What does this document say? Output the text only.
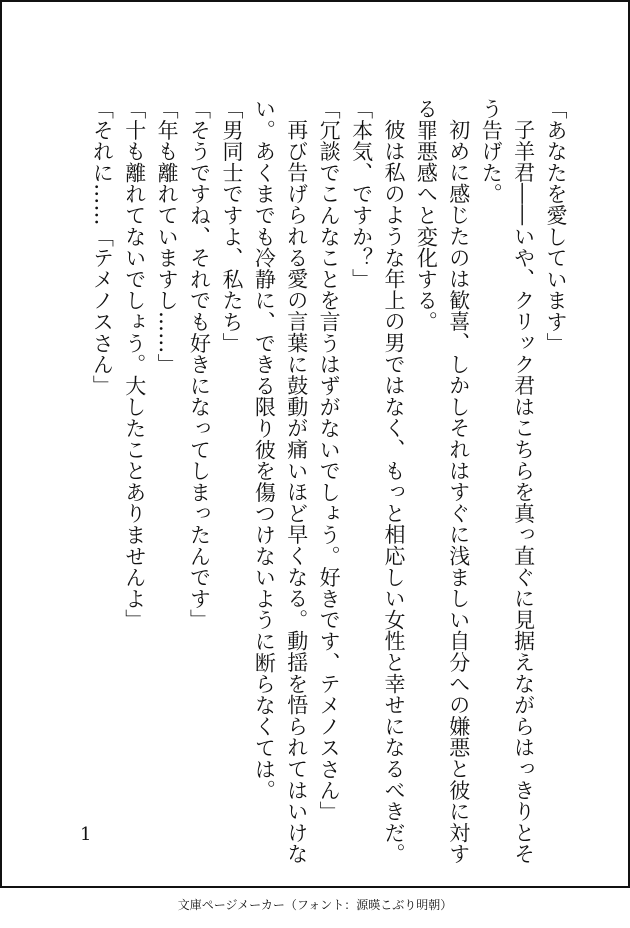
「あなたを愛しています」

子羊君――いや、クリック君はこちらを真っ直ぐに見据えながらはっきりとそ

う告げた。

初めに感じたのは歓喜、しかしそれはすぐに浅ましい自分への嫌悪と彼に対す

る罪悪感へと変化する。

彼は私のような年上の男ではなく、もっと相応しい女性と幸せになるべきだ。

「本気、ですか？」

「冗談でこんなことを言うはずがないでしょう。好きです、テメノスさん」

再び告げられる愛の言葉に鼓動が痛いほど早くなる。動揺を悟られてはいけな

い。あくまでも冷静に、できる限り彼を傷つけないように断らなくては。

「男同士ですよ、私たち」

「そうですね、それでも好きになってしまったんです」

「年も離れていますし……」

「十も離れてないでしょう。大したことありませんよ」

「それに……「テメノスさん」

1
文庫ページメーカー（フォント：源暎こぶり明朝）
